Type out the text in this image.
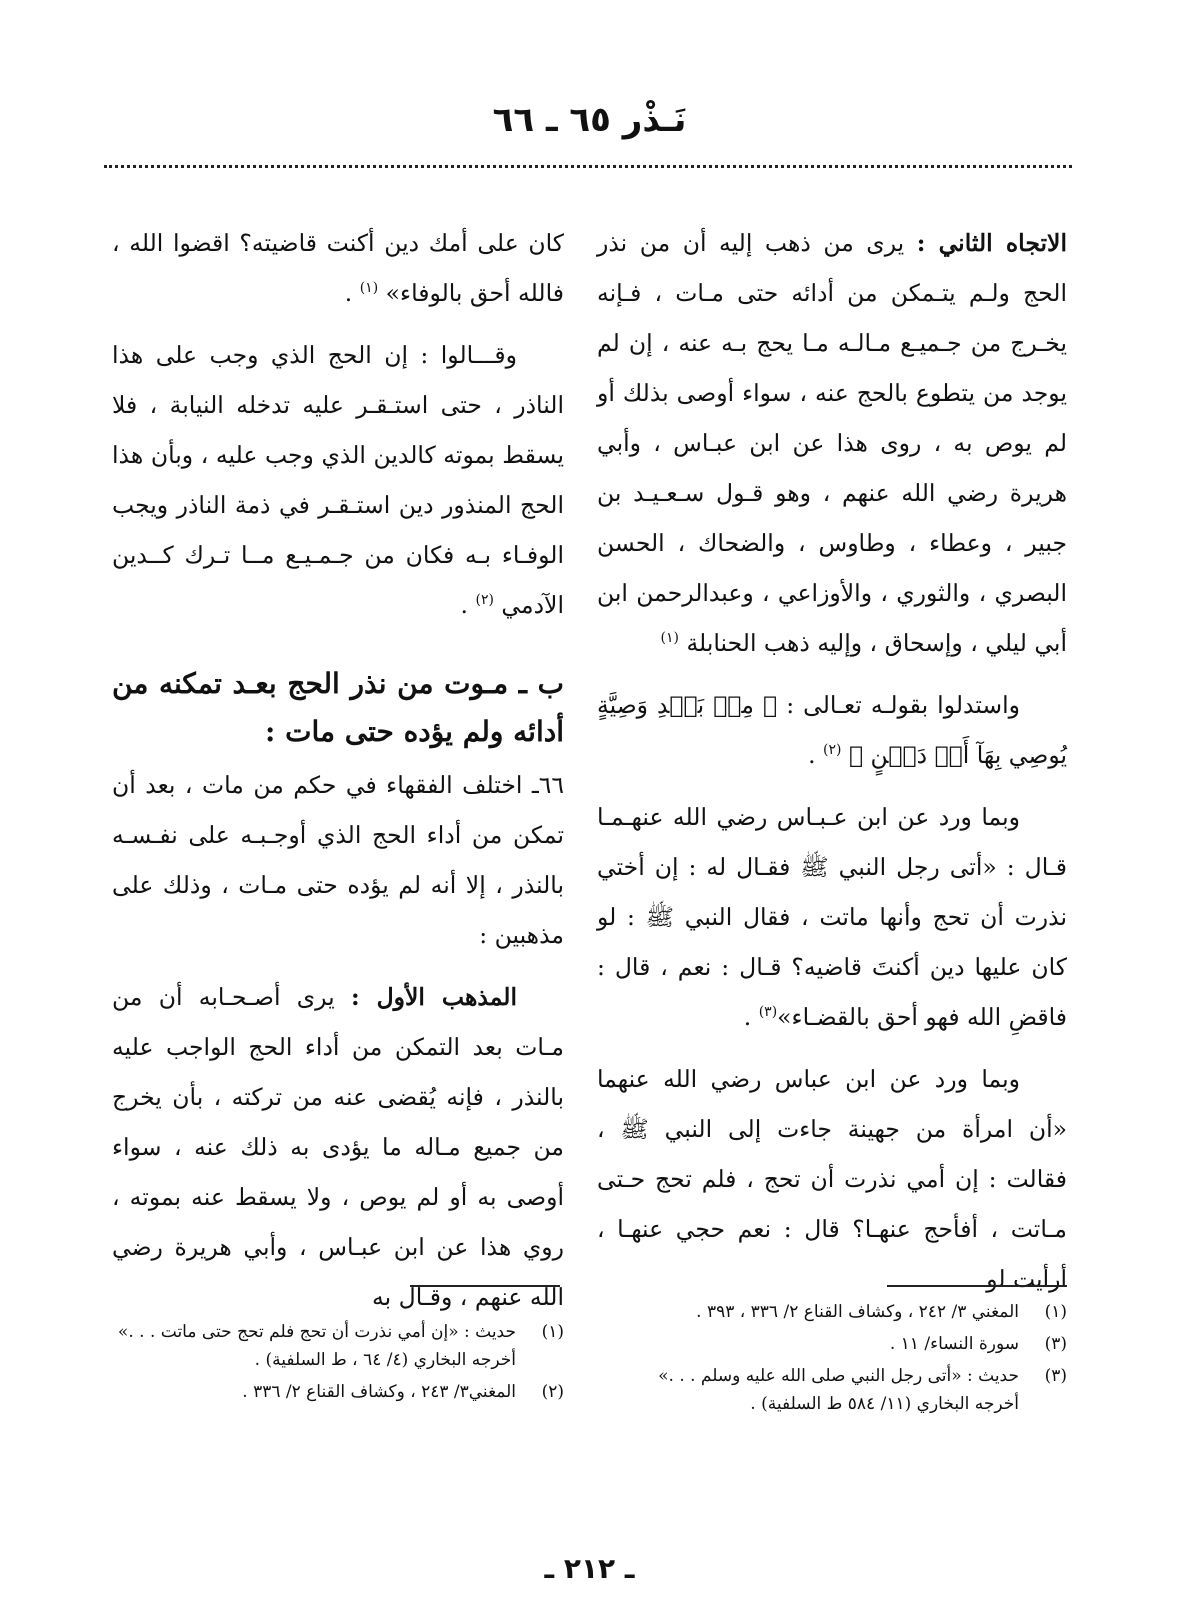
نَـذْر ٦٥ ـ ٦٦

الاتجاه الثاني : يرى من ذهب إليه أن من نذر الحج ولـم يتـمكن من أدائه حتى مـات ، فـإنه يخـرج من جـميـع مـالـه مـا يحج بـه عنه ، إن لم يوجد من يتطوع بالحج عنه ، سواء أوصى بذلك أو لم يوص به ، روى هذا عن ابن عبـاس ، وأبي هريرة رضي الله عنهم ، وهو قـول سـعـيـد بن جبير ، وعطاء ، وطاوس ، والضحاك ، الحسن البصري ، والثوري ، والأوزاعي ، وعبدالرحمن ابن أبي ليلي ، وإسحاق ، وإليه ذهب الحنابلة $^{(١)}$

واستدلوا بقولـه تعـالى : ﴿ مِنۢ بَعۡدِ وَصِيَّةٍ يُوصِي بِهَآ أَوۡ دَيۡنٍ ﴾ $^{(٢)}$ .

وبما ورد عن ابن عـبـاس رضي الله عنهـمـا قـال : «أتى رجل النبي ﷺ فقـال له : إن أختي نذرت أن تحج وأنها ماتت ، فقال النبي ﷺ : لو كان عليها دين أكنتَ قاضيه؟ قـال : نعم ، قال : فاقضِ الله فهو أحق بالقضـاء»$^{(٣)}$ .

وبما ورد عن ابن عباس رضي الله عنهما «أن امرأة من جهينة جاءت إلى النبي ﷺ ، فقالت : إن أمي نذرت أن تحج ، فلم تحج حـتى مـاتت ، أفأحج عنهـا؟ قال : نعم حجي عنهـا ، أرأيت لو

كان على أمك دين أكنت قاضيته؟ اقضوا الله ، فالله أحق بالوفاء» $^{(١)}$ .

وقـــالوا : إن الحج الذي وجب على هذا الناذر ، حتى استـقـر عليه تدخله النيابة ، فلا يسقط بموته كالدين الذي وجب عليه ، وبأن هذا الحج المنذور دين استـقـر في ذمة الناذر ويجب الوفـاء بـه فكان من جـمـيـع مــا تـرك كــدين الآدمي $^{(٢)}$ .

ب ـ مـوت من نذر الحج بعـد تمكنه من أدائه ولم يؤده حتى مات :

٦٦ـ اختلف الفقهاء في حكم من مات ، بعد أن تمكن من أداء الحج الذي أوجـبـه على نفـسـه بالنذر ، إلا أنه لم يؤده حتى مـات ، وذلك على مذهبين :

المذهب الأول : يرى أصـحـابه أن من مـات بعد التمكن من أداء الحج الواجب عليه بالنذر ، فإنه يُقضى عنه من تركته ، بأن يخرج من جميع مـاله ما يؤدى به ذلك عنه ، سواء أوصى به أو لم يوص ، ولا يسقط عنه بموته ، روي هذا عن ابن عبـاس ، وأبي هريرة رضي الله عنهم ، وقـال به

(١)المغني ٣/ ٢٤٢ ، وكشاف القناع ٢/ ٣٣٦ ، ٣٩٣ .
(٣)سورة النساء/ ١١ .
(٣)حديث : «أتى رجل النبي صلى الله عليه وسلم . . .»
أخرجه البخاري (١١/ ٥٨٤ ط السلفية) .
(١)حديث : «إن أمي نذرت أن تحج فلم تحج حتى ماتت . . .»
أخرجه البخاري (٤/ ٦٤ ، ط السلفية) .
(٢)المغني٣/ ٢٤٣ ، وكشاف القناع ٢/ ٣٣٦ .
ـ ٢١٢ ـ
